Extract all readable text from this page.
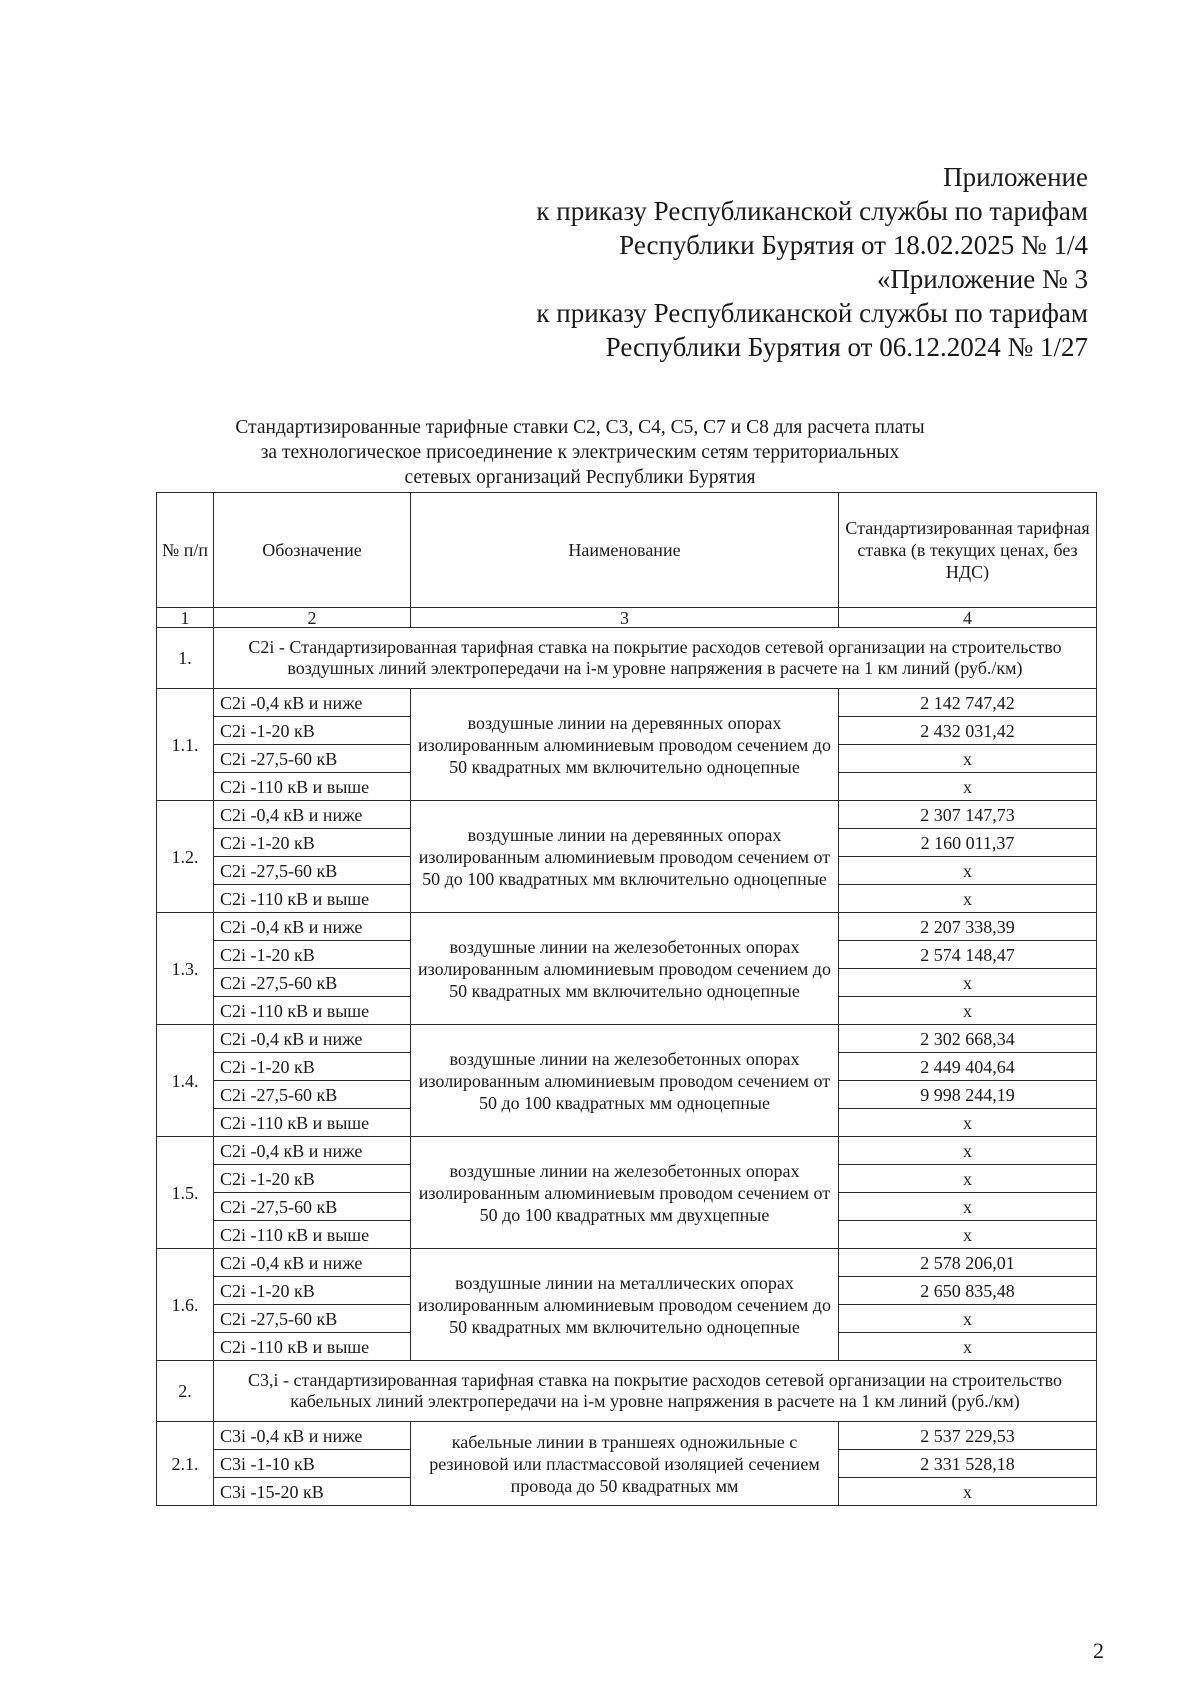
Приложение
к приказу Республиканской службы по тарифам
Республики Бурятия от 18.02.2025 № 1/4
«Приложение № 3
к приказу Республиканской службы по тарифам
Республики Бурятия от 06.12.2024 № 1/27
Стандартизированные тарифные ставки С2, С3, С4, С5, С7 и С8 для расчета платы
за технологическое присоединение к электрическим сетям территориальных
сетевых организаций Республики Бурятия
№ п/п	Обозначение	Наименование	Стандартизированная тарифная ставка (в текущих ценах, без НДС)
1	2	3	4
1.	С2i - Стандартизированная тарифная ставка на покрытие расходов сетевой организации на строительство воздушных линий электропередачи на i-м уровне напряжения в расчете на 1 км линий (руб./км)		
1.1.	С2i -0,4 кВ и ниже	воздушные линии на деревянных опорах изолированным алюминиевым проводом сечением до 50 квадратных мм включительно одноцепные	2 142 747,42
	С2i -1-20 кВ		2 432 031,42
	С2i -27,5-60 кВ		х
	С2i -110 кВ и выше		х
1.2.	С2i -0,4 кВ и ниже	воздушные линии на деревянных опорах изолированным алюминиевым проводом сечением от 50 до 100 квадратных мм включительно одноцепные	2 307 147,73
	С2i -1-20 кВ		2 160 011,37
	С2i -27,5-60 кВ		х
	С2i -110 кВ и выше		х
1.3.	С2i -0,4 кВ и ниже	воздушные линии на железобетонных опорах изолированным алюминиевым проводом сечением до 50 квадратных мм включительно одноцепные	2 207 338,39
	С2i -1-20 кВ		2 574 148,47
	С2i -27,5-60 кВ		х
	С2i -110 кВ и выше		х
1.4.	С2i -0,4 кВ и ниже	воздушные линии на железобетонных опорах изолированным алюминиевым проводом сечением от 50 до 100 квадратных мм одноцепные	2 302 668,34
	С2i -1-20 кВ		2 449 404,64
	С2i -27,5-60 кВ		9 998 244,19
	С2i -110 кВ и выше		х
1.5.	С2i -0,4 кВ и ниже	воздушные линии на железобетонных опорах изолированным алюминиевым проводом сечением от 50 до 100 квадратных мм двухцепные	х
	С2i -1-20 кВ		х
	С2i -27,5-60 кВ		х
	С2i -110 кВ и выше		х
1.6.	С2i -0,4 кВ и ниже	воздушные линии на металлических опорах изолированным алюминиевым проводом сечением до 50 квадратных мм включительно одноцепные	2 578 206,01
	С2i -1-20 кВ		2 650 835,48
	С2i -27,5-60 кВ		х
	С2i -110 кВ и выше		х
2.	С3,i - стандартизированная тарифная ставка на покрытие расходов сетевой организации на строительство кабельных линий электропередачи на i-м уровне напряжения в расчете на 1 км линий (руб./км)		
2.1.	С3i -0,4 кВ и ниже	кабельные линии в траншеях одножильные с резиновой или пластмассовой изоляцией сечением провода до 50 квадратных мм	2 537 229,53
	С3i -1-10 кВ		2 331 528,18
	С3i -15-20 кВ		х
2
